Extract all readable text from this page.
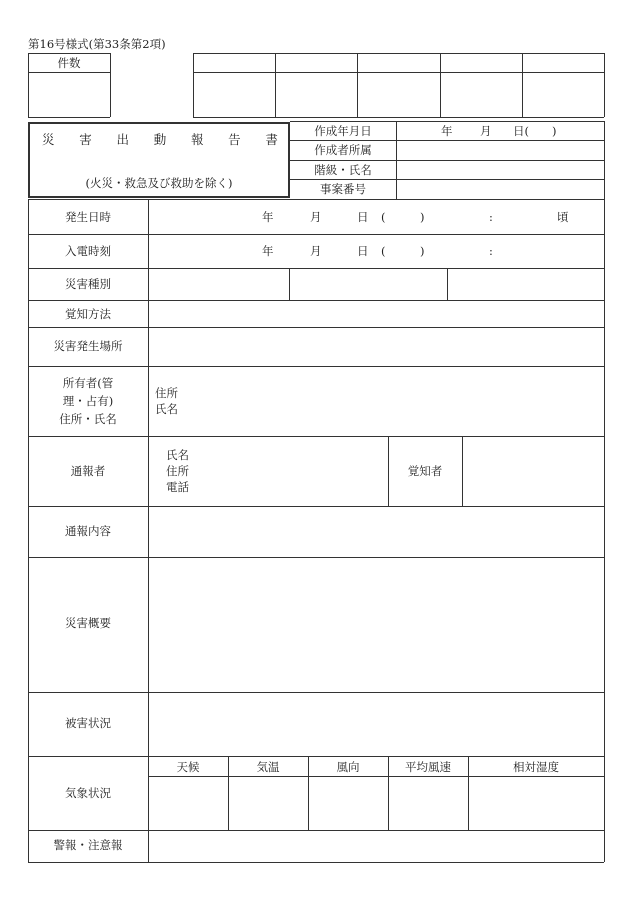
第16号様式(第33条第2項)
件数
災 害 出 動 報 告 書
(火災・救急及び救助を除く)
作成年月日	年 月 日(　　)
作成者所属
階級・氏名
事案番号
発生日時	年	月	日 (	)	:	頃
入電時刻	年	月	日 (	)	:
災害種別
覚知方法
災害発生場所
所有者(管
理・占有)
住所・氏名
住所
氏名
通報者
氏名
住所
電話
覚知者
通報内容
災害概要
被害状況
気象状況
天候	気温	風向	平均風速	相対湿度
警報・注意報
